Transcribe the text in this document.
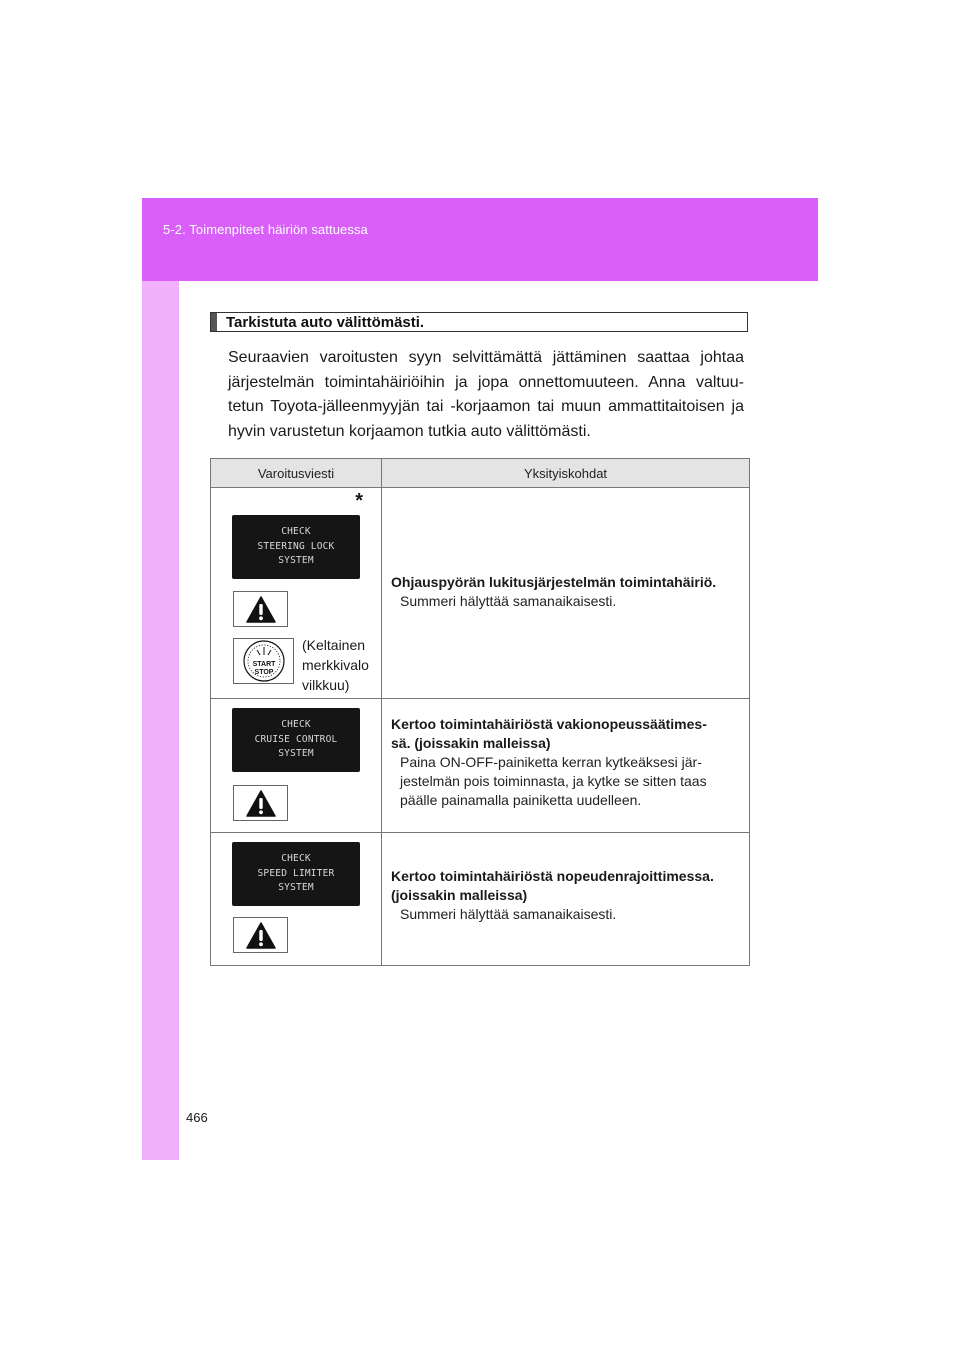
5-2. Toimenpiteet häiriön sattuessa
Tarkistuta auto välittömästi.
Seuraavien varoitusten syyn selvittämättä jättäminen saattaa johtaa järjestelmän toimintahäiriöihin ja jopa onnettomuuteen. Anna valtuu- tetun Toyota-jälleenmyyjän tai -korjaamon tai muun ammattitaitoisen ja hyvin varustetun korjaamon tutkia auto välittömästi.
Varoitusviesti	Yksityiskohdat
*
CHECK
STEERING LOCK
SYSTEM
START
STOP
(Keltainen
merkkivalo
vilkkuu)
Ohjauspyörän lukitusjärjestelmän toimintahäiriö.
Summeri hälyttää samanaikaisesti.
CHECK
CRUISE CONTROL
SYSTEM
Kertoo toimintahäiriöstä vakionopeussäätimes-
sä. (joissakin malleissa)
Paina ON-OFF-painiketta kerran kytkeäksesi jär-
jestelmän pois toiminnasta, ja kytke se sitten taas
päälle painamalla painiketta uudelleen.
CHECK
SPEED LIMITER
SYSTEM
Kertoo toimintahäiriöstä nopeudenrajoittimessa.
(joissakin malleissa)
Summeri hälyttää samanaikaisesti.
466
